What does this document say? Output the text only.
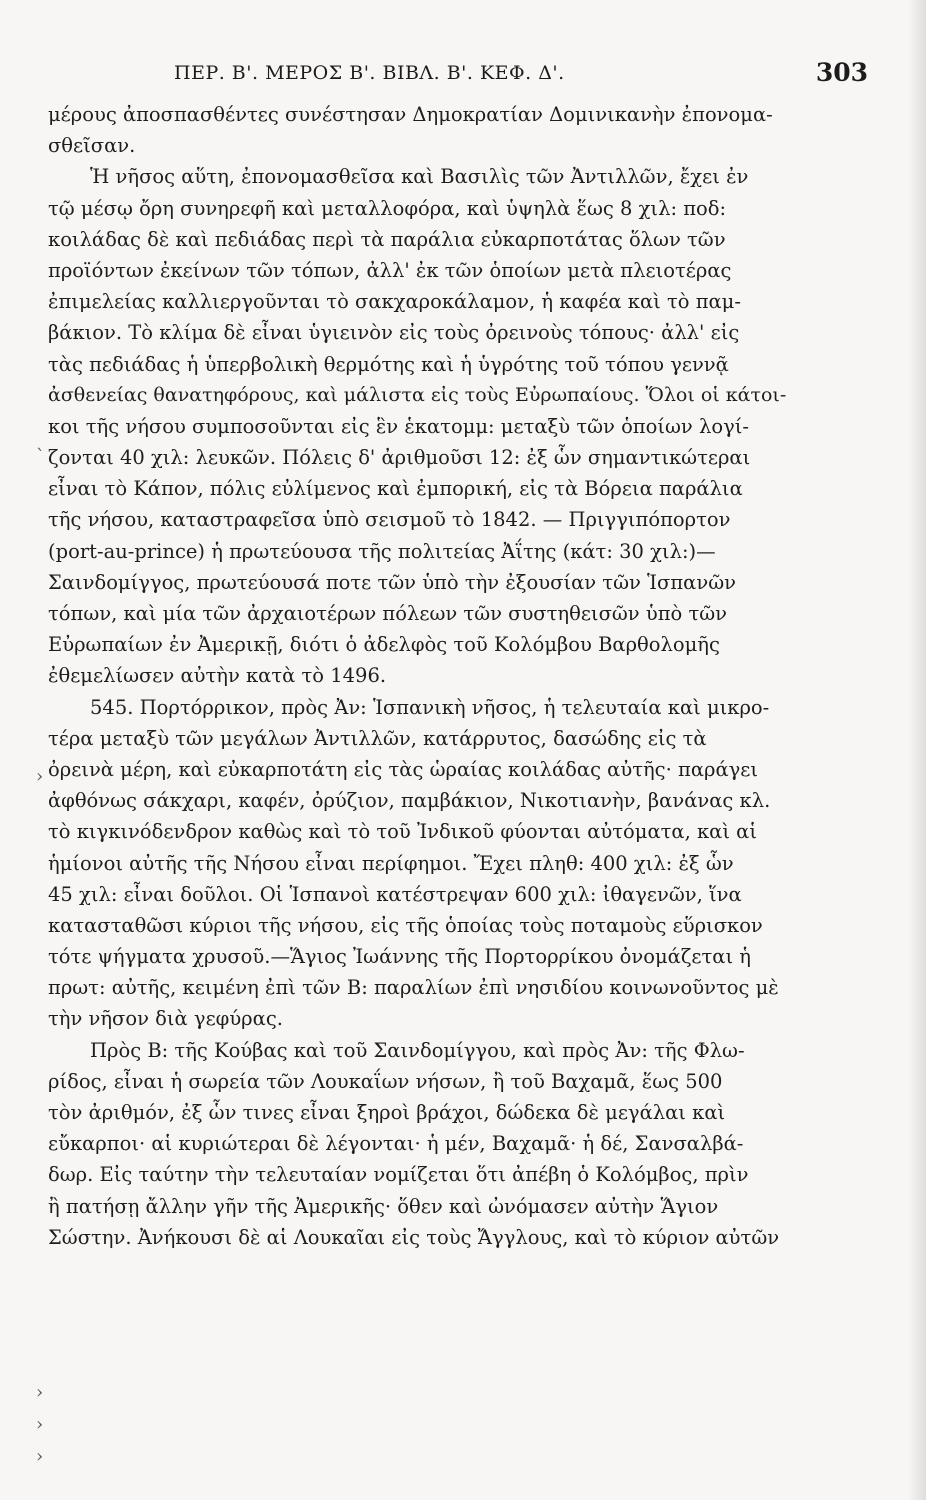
ΠΕΡ. Β'. ΜΕΡΟΣ Β'. ΒΙΒΛ. Β'. ΚΕΦ. Δ'.	303
μέρους ἀποσπασθέντες συνέστησαν Δημοκρατίαν Δομινικανὴν ἐπονομα-
σθεῖσαν.
Ἡ νῆσος αὕτη, ἐπονομασθεῖσα καὶ Βασιλὶς τῶν Ἀντιλλῶν, ἔχει ἐν
τῷ μέσῳ ὄρη συνηρεφῆ καὶ μεταλλοφόρα, καὶ ὑψηλὰ ἕως 8 χιλ: ποδ:
κοιλάδας δὲ καὶ πεδιάδας περὶ τὰ παράλια εὐκαρποτάτας ὅλων τῶν
προϊόντων ἐκείνων τῶν τόπων, ἀλλ' ἐκ τῶν ὁποίων μετὰ πλειοτέρας
ἐπιμελείας καλλιεργοῦνται τὸ σακχαροκάλαμον, ἡ καφέα καὶ τὸ παμ-
βάκιον. Τὸ κλίμα δὲ εἶναι ὑγιεινὸν εἰς τοὺς ὀρεινοὺς τόπους· ἀλλ' εἰς
τὰς πεδιάδας ἡ ὑπερβολικὴ θερμότης καὶ ἡ ὑγρότης τοῦ τόπου γεννᾷ
ἀσθενείας θανατηφόρους, καὶ μάλιστα εἰς τοὺς Εὐρωπαίους. Ὅλοι οἱ κάτοι-
κοι τῆς νήσου συμποσοῦνται εἰς ἓν ἑκατομμ: μεταξὺ τῶν ὁποίων λογί-
ζονται 40 χιλ: λευκῶν. Πόλεις δ' ἀριθμοῦσι 12: ἐξ ὧν σημαντικώτεραι
εἶναι τὸ Κάπον, πόλις εὐλίμενος καὶ ἐμπορική, εἰς τὰ Βόρεια παράλια
τῆς νήσου, καταστραφεῖσα ὑπὸ σεισμοῦ τὸ 1842. — Πριγγιπόπορτον
(port-au-prince) ἡ πρωτεύουσα τῆς πολιτείας Ἀΐτης (κάτ: 30 χιλ:)—
Σαινδομίγγος, πρωτεύουσά ποτε τῶν ὑπὸ τὴν ἐξουσίαν τῶν Ἱσπανῶν
τόπων, καὶ μία τῶν ἀρχαιοτέρων πόλεων τῶν συστηθεισῶν ὑπὸ τῶν
Εὐρωπαίων ἐν Ἀμερικῇ, διότι ὁ ἀδελφὸς τοῦ Κολόμβου Βαρθολομῆς
ἐθεμελίωσεν αὐτὴν κατὰ τὸ 1496.
545. Πορτόρρικον, πρὸς Ἀν: Ἱσπανικὴ νῆσος, ἡ τελευταία καὶ μικρο-
τέρα μεταξὺ τῶν μεγάλων Ἀντιλλῶν, κατάρρυτος, δασώδης εἰς τὰ
ὀρεινὰ μέρη, καὶ εὐκαρποτάτη εἰς τὰς ὡραίας κοιλάδας αὐτῆς· παράγει
ἀφθόνως σάκχαρι, καφέν, ὀρύζιον, παμβάκιον, Νικοτιανὴν, βανάνας κλ.
τὸ κιγκινόδενδρον καθὼς καὶ τὸ τοῦ Ἰνδικοῦ φύονται αὐτόματα, καὶ αἱ
ἡμίονοι αὐτῆς τῆς Νήσου εἶναι περίφημοι. Ἔχει πληθ: 400 χιλ: ἐξ ὧν
45 χιλ: εἶναι δοῦλοι. Οἱ Ἱσπανοὶ κατέστρεψαν 600 χιλ: ἰθαγενῶν, ἵνα
κατασταθῶσι κύριοι τῆς νήσου, εἰς τῆς ὁποίας τοὺς ποταμοὺς εὕρισκον
τότε ψήγματα χρυσοῦ.—Ἅγιος Ἰωάννης τῆς Πορτορρίκου ὀνομάζεται ἡ
πρωτ: αὐτῆς, κειμένη ἐπὶ τῶν Β: παραλίων ἐπὶ νησιδίου κοινωνοῦντος μὲ
τὴν νῆσον διὰ γεφύρας.
Πρὸς Β: τῆς Κούβας καὶ τοῦ Σαινδομίγγου, καὶ πρὸς Ἀν: τῆς Φλω-
ρίδος, εἶναι ἡ σωρεία τῶν Λουκαΐων νήσων, ἢ τοῦ Βαχαμᾶ, ἕως 500
τὸν ἀριθμόν, ἐξ ὧν τινες εἶναι ξηροὶ βράχοι, δώδεκα δὲ μεγάλαι καὶ
εὔκαρποι· αἱ κυριώτεραι δὲ λέγονται· ἡ μέν, Βαχαμᾶ· ἡ δέ, Σανσαλβά-
δωρ. Εἰς ταύτην τὴν τελευταίαν νομίζεται ὅτι ἀπέβη ὁ Κολόμβος, πρὶν
ἢ πατήσῃ ἄλλην γῆν τῆς Ἀμερικῆς· ὅθεν καὶ ὠνόμασεν αὐτὴν Ἅγιον
Σώστην. Ἀνήκουσι δὲ αἱ Λουκαῖαι εἰς τοὺς Ἄγγλους, καὶ τὸ κύριον αὐτῶν
ˋ
›
›
›
›
